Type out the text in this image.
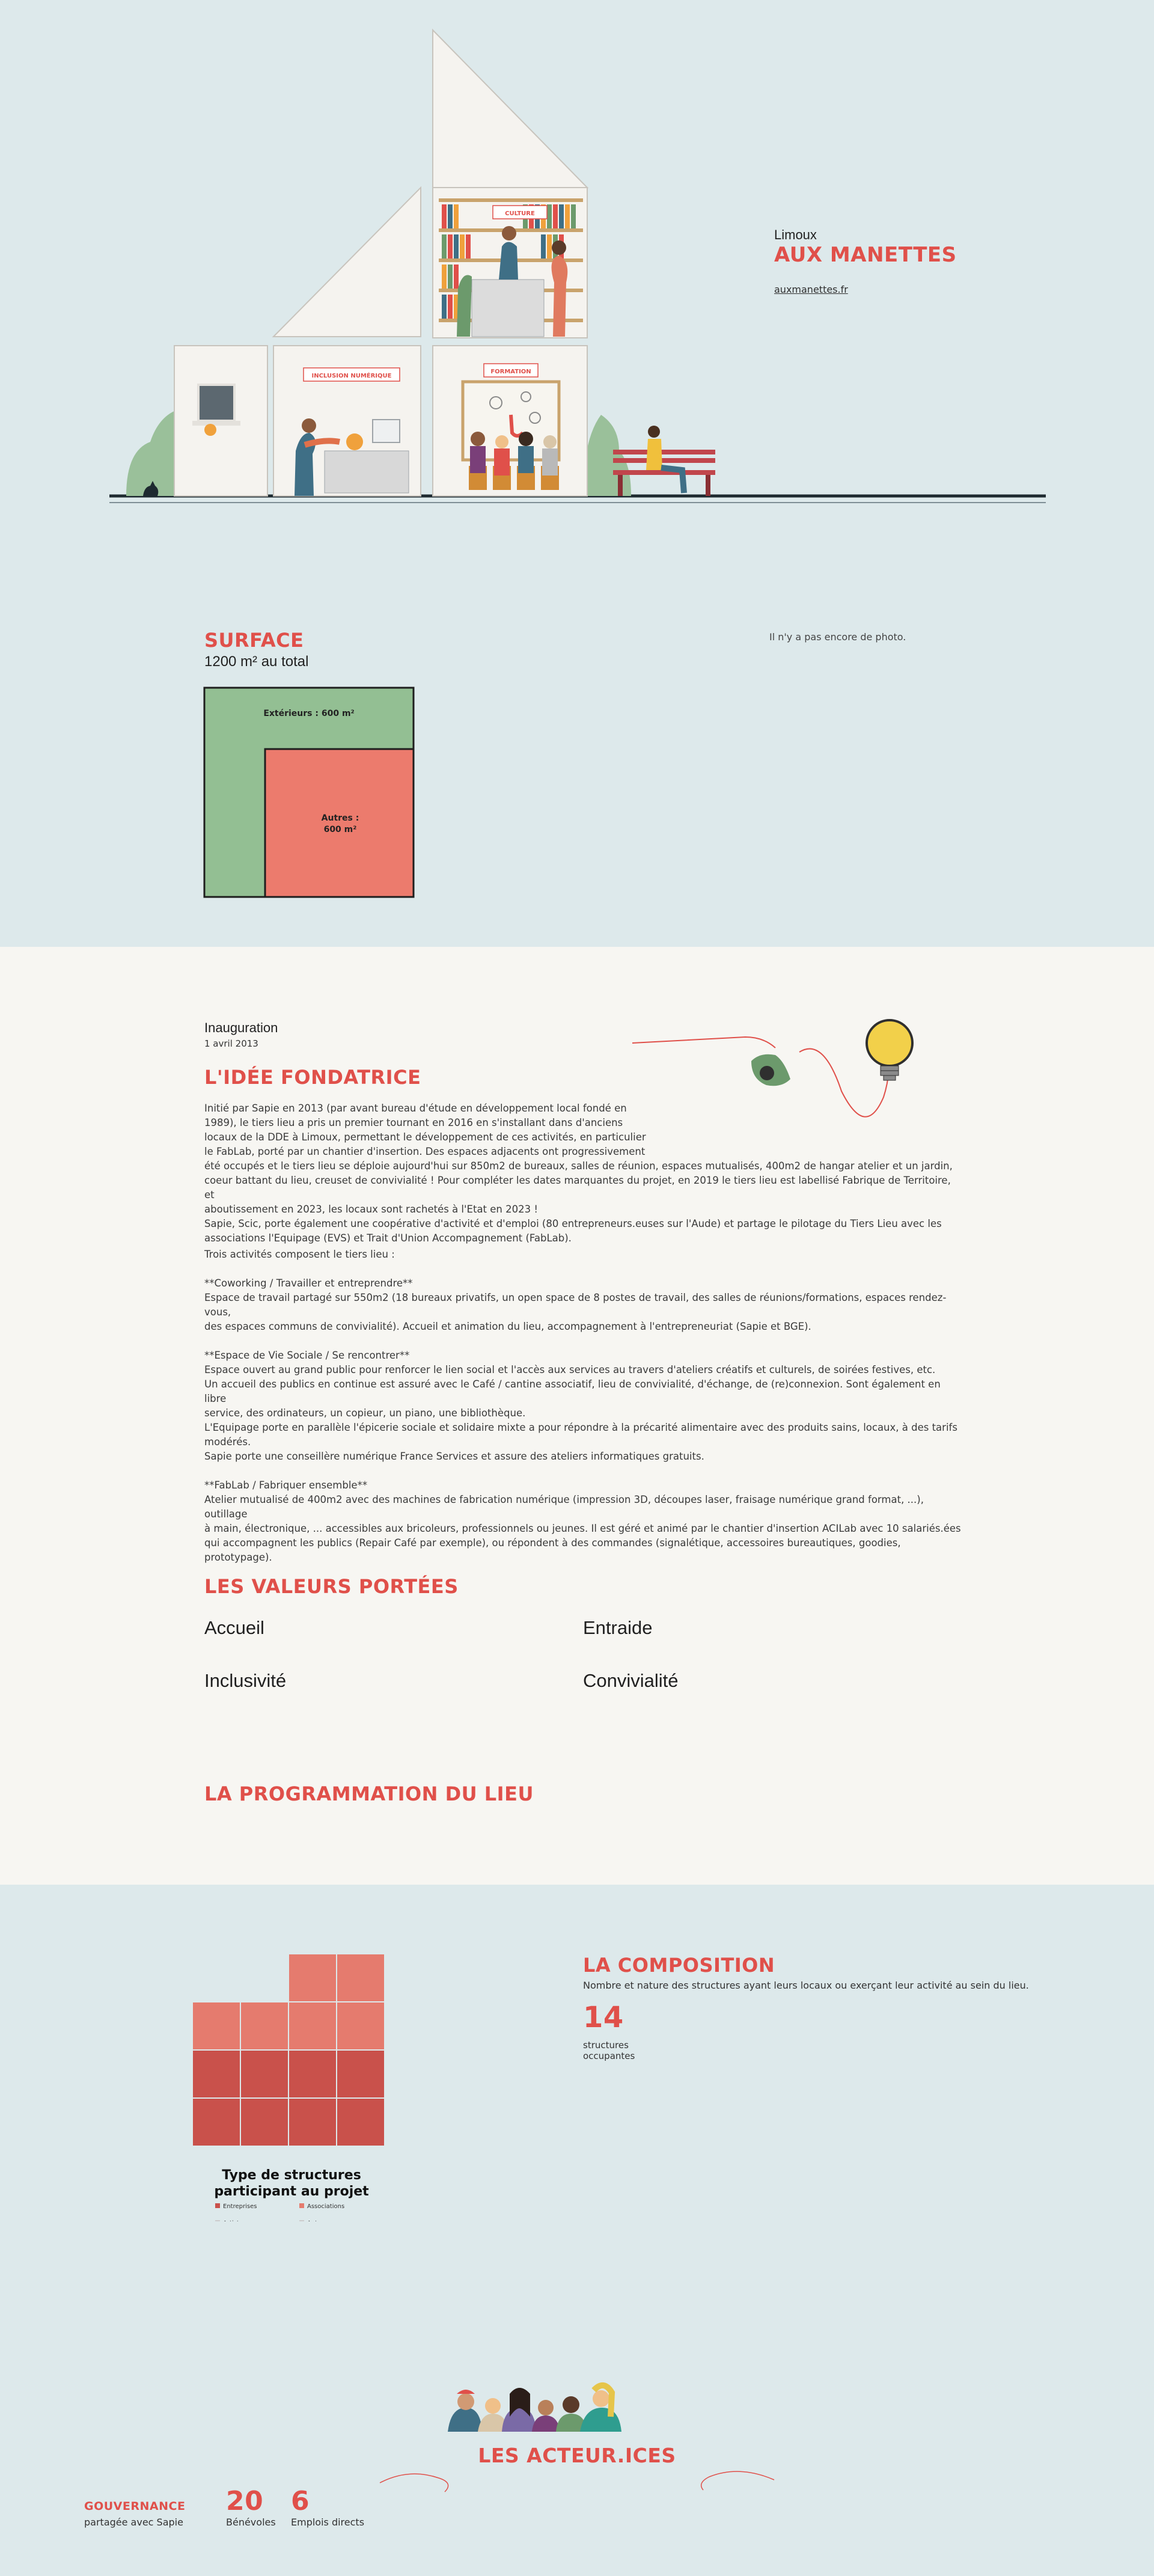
CULTURE
INCLUSION NUMÉRIQUE
FORMATION
Limoux
AUX MANETTES
auxmanettes.fr
SURFACE
1200 m² au total
Il n'y a pas encore de photo.
Extérieurs : 600 m²
Autres :
600 m²
Inauguration
1 avril 2013
L'IDÉE FONDATRICE
Initié par Sapie en 2013 (par avant bureau d'étude en développement local fondé en
1989), le tiers lieu a pris un premier tournant en 2016 en s'installant dans d'anciens
locaux de la DDE à Limoux, permettant le développement de ces activités, en particulier
le FabLab, porté par un chantier d'insertion. Des espaces adjacents ont progressivement
été occupés et le tiers lieu se déploie aujourd'hui sur 850m2 de bureaux, salles de réunion, espaces mutualisés, 400m2 de hangar atelier et un jardin,
coeur battant du lieu, creuset de convivialité ! Pour compléter les dates marquantes du projet, en 2019 le tiers lieu est labellisé Fabrique de Territoire, et
aboutissement en 2023, les locaux sont rachetés à l'Etat en 2023 !
Sapie, Scic, porte également une coopérative d'activité et d'emploi (80 entrepreneurs.euses sur l'Aude) et partage le pilotage du Tiers Lieu avec les
associations l'Equipage (EVS) et Trait d'Union Accompagnement (FabLab).
Trois activités composent le tiers lieu :

**Coworking / Travailler et entreprendre**
Espace de travail partagé sur 550m2 (18 bureaux privatifs, un open space de 8 postes de travail, des salles de réunions/formations, espaces rendez-vous,
des espaces communs de convivialité). Accueil et animation du lieu, accompagnement à l'entrepreneuriat (Sapie et BGE).

**Espace de Vie Sociale / Se rencontrer**
Espace ouvert au grand public pour renforcer le lien social et l'accès aux services au travers d'ateliers créatifs et culturels, de soirées festives, etc.
Un accueil des publics en continue est assuré avec le Café / cantine associatif, lieu de convivialité, d'échange, de (re)connexion. Sont également en libre
service, des ordinateurs, un copieur, un piano, une bibliothèque.
L'Equipage porte en parallèle l'épicerie sociale et solidaire mixte a pour répondre à la précarité alimentaire avec des produits sains, locaux, à des tarifs
modérés.
Sapie porte une conseillère numérique France Services et assure des ateliers informatiques gratuits.

**FabLab / Fabriquer ensemble**
Atelier mutualisé de 400m2 avec des machines de fabrication numérique (impression 3D, découpes laser, fraisage numérique grand format, ...), outillage
à main, électronique, ... accessibles aux bricoleurs, professionnels ou jeunes. Il est géré et animé par le chantier d'insertion ACILab avec 10 salariés.ées
qui accompagnent les publics (Repair Café par exemple), ou répondent à des commandes (signalétique, accessoires bureautiques, goodies, prototypage).
LES VALEURS PORTÉES
Accueil	Entraide
Inclusivité	Convivialité
LA PROGRAMMATION DU LIEU
Type de structures
participant au projet
Entreprises	Associations
LA COMPOSITION
Nombre et nature des structures ayant leurs locaux ou exerçant leur activité au sein du lieu.
14
structures
occupantes
LES ACTEUR.ICES
GOUVERNANCE
partagée avec Sapie
20
Bénévoles
6
Emplois directs
